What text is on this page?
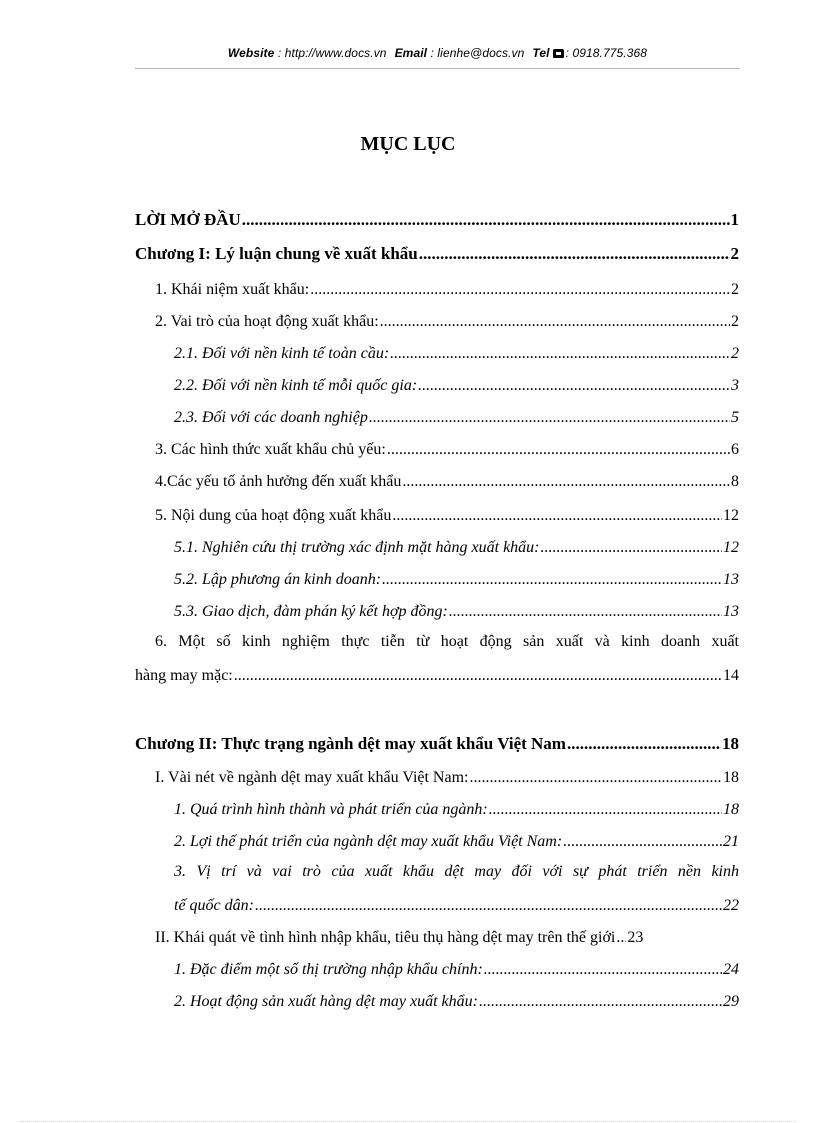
Website : http://www.docs.vn Email : lienhe@docs.vn Tel : 0918.775.368
MỤC LỤC
LỜI MỞ ĐẦU .....	1
Chương I: Lý luận chung về xuất khẩu .....	2
1. Khái niệm xuất khẩu: .....	2
2. Vai trò của hoạt động xuất khẩu: .....	2
2.1. Đối với nền kinh tế toàn cầu: .....	2
2.2. Đối với nền kinh tế mỗi quốc gia: .....	3
2.3. Đối với các doanh nghiệp .....	5
3. Các hình thức xuất khẩu chủ yếu: .....	6
4.Các yếu tố ảnh hưởng đến xuất khẩu .....	8
5. Nội dung của hoạt động xuất khẩu .....	12
5.1. Nghiên cứu thị trường xác định mặt hàng xuất khẩu: .....	12
5.2. Lập phương án kinh doanh: .....	13
5.3. Giao dịch, đàm phán ký kết hợp đồng: .....	13
6. Một số kinh nghiệm thực tiễn từ hoạt động sản xuất và kinh doanh xuất
hàng may mặc: .....	14
Chương II: Thực trạng ngành dệt may xuất khẩu Việt Nam .....	18
I. Vài nét về ngành dệt may xuất khẩu Việt Nam: .....	18
1. Quá trình hình thành và phát triển của ngành: .....	18
2. Lợi thế phát triển của ngành dệt may xuất khẩu Việt Nam: .....	21
3. Vị trí và vai trò của xuất khẩu dệt may đối với sự phát triển nền kinh
tế quốc dân: .....	22
II. Khái quát về tình hình nhập khẩu, tiêu thụ hàng dệt may trên thế giới ..... 23
1. Đặc điểm một số thị trường nhập khẩu chính: .....	24
2. Hoạt động sản xuất hàng dệt may xuất khẩu: .....	29
